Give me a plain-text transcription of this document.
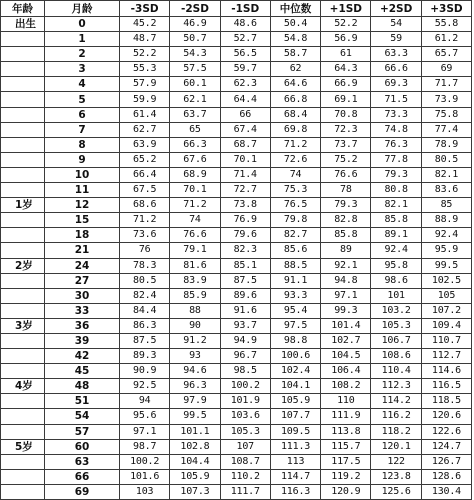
年龄	月龄	-3SD	-2SD	-1SD	中位数	+1SD	+2SD	+3SD
出生	0	45.2	46.9	48.6	50.4	52.2	54	55.8
	1	48.7	50.7	52.7	54.8	56.9	59	61.2
	2	52.2	54.3	56.5	58.7	61	63.3	65.7
	3	55.3	57.5	59.7	62	64.3	66.6	69
	4	57.9	60.1	62.3	64.6	66.9	69.3	71.7
	5	59.9	62.1	64.4	66.8	69.1	71.5	73.9
	6	61.4	63.7	66	68.4	70.8	73.3	75.8
	7	62.7	65	67.4	69.8	72.3	74.8	77.4
	8	63.9	66.3	68.7	71.2	73.7	76.3	78.9
	9	65.2	67.6	70.1	72.6	75.2	77.8	80.5
	10	66.4	68.9	71.4	74	76.6	79.3	82.1
	11	67.5	70.1	72.7	75.3	78	80.8	83.6
1岁	12	68.6	71.2	73.8	76.5	79.3	82.1	85
	15	71.2	74	76.9	79.8	82.8	85.8	88.9
	18	73.6	76.6	79.6	82.7	85.8	89.1	92.4
	21	76	79.1	82.3	85.6	89	92.4	95.9
2岁	24	78.3	81.6	85.1	88.5	92.1	95.8	99.5
	27	80.5	83.9	87.5	91.1	94.8	98.6	102.5
	30	82.4	85.9	89.6	93.3	97.1	101	105
	33	84.4	88	91.6	95.4	99.3	103.2	107.2
3岁	36	86.3	90	93.7	97.5	101.4	105.3	109.4
	39	87.5	91.2	94.9	98.8	102.7	106.7	110.7
	42	89.3	93	96.7	100.6	104.5	108.6	112.7
	45	90.9	94.6	98.5	102.4	106.4	110.4	114.6
4岁	48	92.5	96.3	100.2	104.1	108.2	112.3	116.5
	51	94	97.9	101.9	105.9	110	114.2	118.5
	54	95.6	99.5	103.6	107.7	111.9	116.2	120.6
	57	97.1	101.1	105.3	109.5	113.8	118.2	122.6
5岁	60	98.7	102.8	107	111.3	115.7	120.1	124.7
	63	100.2	104.4	108.7	113	117.5	122	126.7
	66	101.6	105.9	110.2	114.7	119.2	123.8	128.6
	69	103	107.3	111.7	116.3	120.9	125.6	130.4
